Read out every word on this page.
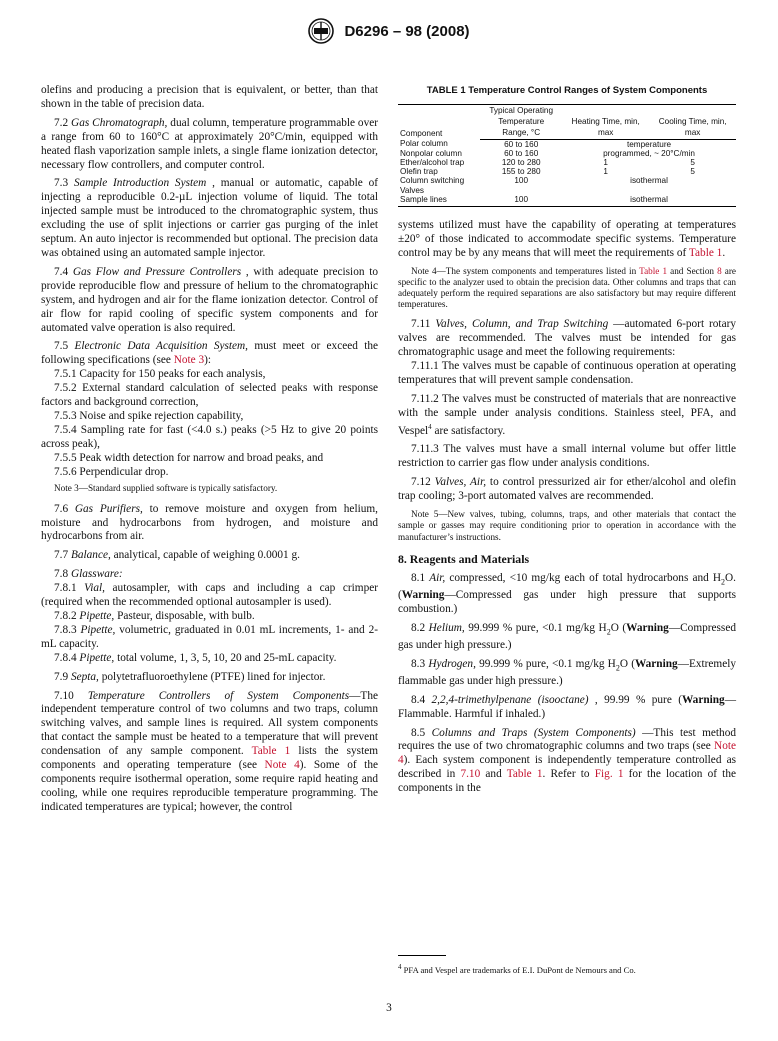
D6296 – 98 (2008)

olefins and producing a precision that is equivalent, or better, than that shown in the table of precision data.

7.2 Gas Chromatograph, dual column, temperature programmable over a range from 60 to 160°C at approximately 20°C/min, equipped with heated flash vaporization sample inlets, a single flame ionization detector, necessary flow controllers, and computer control.

7.3 Sample Introduction System , manual or automatic, capable of injecting a reproducible 0.2-µL injection volume of liquid. The total injected sample must be introduced to the chromatographic system, thus excluding the use of split injections or carrier gas purging of the inlet septum. An auto injector is recommended but optional. The precision data was obtained using an automated sample injector.

7.4 Gas Flow and Pressure Controllers , with adequate precision to provide reproducible flow and pressure of helium to the chromatographic system, and hydrogen and air for the flame ionization detector. Control of air flow for rapid cooling of specific system components and for automated valve operation is also required.

7.5 Electronic Data Acquisition System, must meet or exceed the following specifications (see Note 3):

7.5.1 Capacity for 150 peaks for each analysis,

7.5.2 External standard calculation of selected peaks with response factors and background correction,

7.5.3 Noise and spike rejection capability,

7.5.4 Sampling rate for fast (<4.0 s.) peaks (>5 Hz to give 20 points across peak),

7.5.5 Peak width detection for narrow and broad peaks, and

7.5.6 Perpendicular drop.

Note 3—Standard supplied software is typically satisfactory.

7.6 Gas Purifiers, to remove moisture and oxygen from helium, moisture and hydrocarbons from hydrogen, and moisture and hydrocarbons from air.

7.7 Balance, analytical, capable of weighing 0.0001 g.

7.8 Glassware:

7.8.1 Vial, autosampler, with caps and including a cap crimper (required when the recommended optional autosampler is used).

7.8.2 Pipette, Pasteur, disposable, with bulb.

7.8.3 Pipette, volumetric, graduated in 0.01 mL increments, 1- and 2-mL capacity.

7.8.4 Pipette, total volume, 1, 3, 5, 10, 20 and 25-mL capacity.

7.9 Septa, polytetrafluoroethylene (PTFE) lined for injector.

7.10 Temperature Controllers of System Components—The independent temperature control of two columns and two traps, column switching valves, and sample lines is required. All system components that contact the sample must be heated to a temperature that will prevent condensation of any sample component. Table 1 lists the system components and operating temperature (see Note 4). Some of the components require isothermal operation, some require rapid heating and cooling, while one requires reproducible temperature programming. The indicated temperatures are typical; however, the control

TABLE 1 Temperature Control Ranges of System Components

Component	Typical Operating	Heating Time, min,	Cooling Time, min,
	Temperature		
	Range, °C	max	max
Polar column	60 to 160	temperature	
Nonpolar column	60 to 160	programmed, ~ 20°C/min	
Ether/alcohol trap	120 to 280	1	5
Olefin trap	155 to 280	1	5
Column switching	100	isothermal	
Valves			
Sample lines	100	isothermal	

systems utilized must have the capability of operating at temperatures ±20° of those indicated to accommodate specific systems. Temperature control may be by any means that will meet the requirements of Table 1.

Note 4—The system components and temperatures listed in Table 1 and Section 8 are specific to the analyzer used to obtain the precision data. Other columns and traps that can adequately perform the required separations are also satisfactory but may require different temperatures.

7.11 Valves, Column, and Trap Switching —automated 6-port rotary valves are recommended. The valves must be intended for gas chromatographic usage and meet the following requirements:

7.11.1 The valves must be capable of continuous operation at operating temperatures that will prevent sample condensation.

7.11.2 The valves must be constructed of materials that are nonreactive with the sample under analysis conditions. Stainless steel, PFA, and Vespel$^4$ are satisfactory.

7.11.3 The valves must have a small internal volume but offer little restriction to carrier gas flow under analysis conditions.

7.12 Valves, Air, to control pressurized air for ether/alcohol and olefin trap cooling; 3-port automated valves are recommended.

Note 5—New valves, tubing, columns, traps, and other materials that contact the sample or gasses may require conditioning prior to operation in accordance with the manufacturer’s instructions.

8. Reagents and Materials

8.1 Air, compressed, <10 mg/kg each of total hydrocarbons and $H_2O$. (Warning—Compressed gas under high pressure that supports combustion.)

8.2 Helium, 99.999 % pure, <0.1 mg/kg $H_2O$ (Warning—Compressed gas under high pressure.)

8.3 Hydrogen, 99.999 % pure, <0.1 mg/kg $H_2O$ (Warning—Extremely flammable gas under high pressure.)

8.4 2,2,4-trimethylpenane (isooctane) , 99.99 % pure (Warning—Flammable. Harmful if inhaled.)

8.5 Columns and Traps (System Components) —This test method requires the use of two chromatographic columns and two traps (see Note 4). Each system component is independently temperature controlled as described in 7.10 and Table 1. Refer to Fig. 1 for the location of the components in the

$^4$ PFA and Vespel are trademarks of E.I. DuPont de Nemours and Co.
3
